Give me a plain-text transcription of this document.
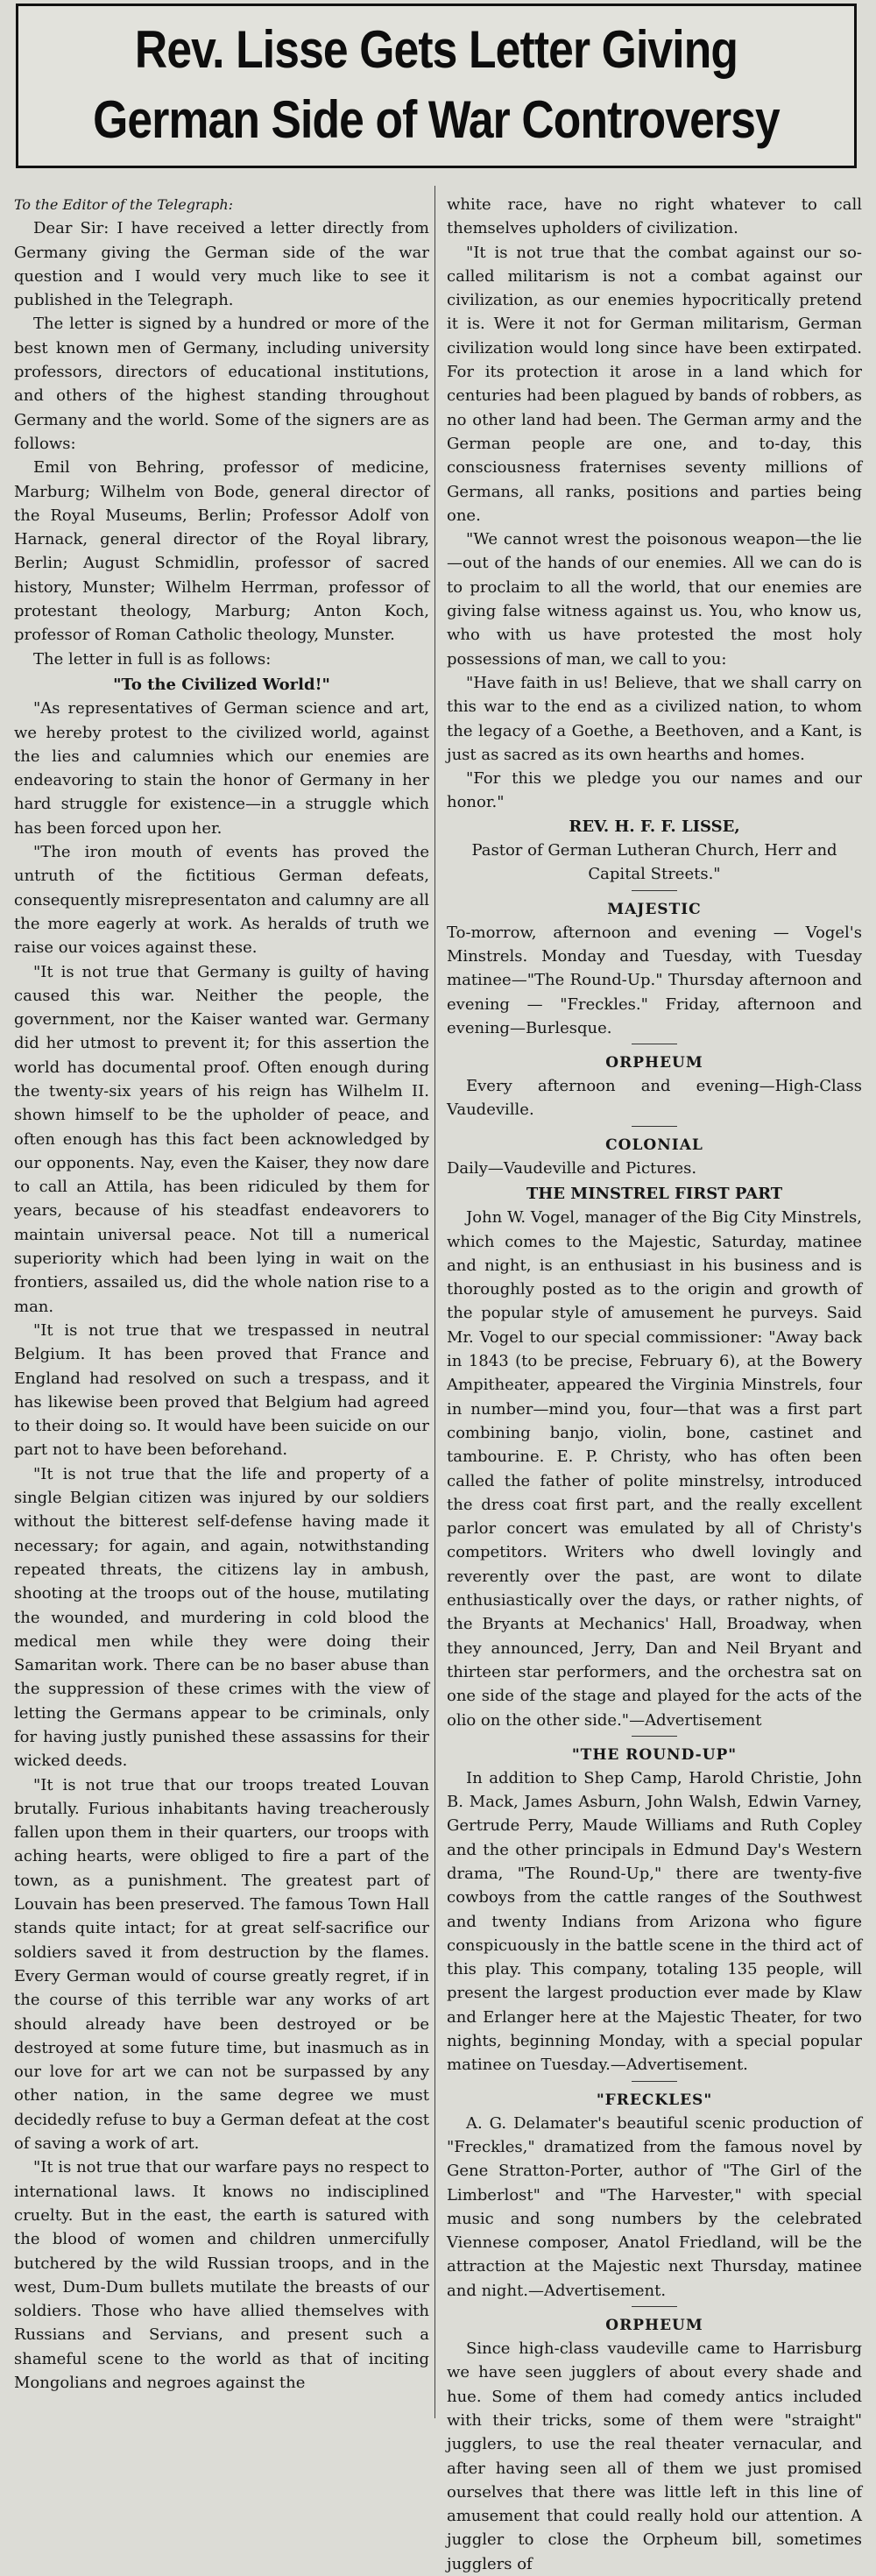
Rev. Lisse Gets Letter Giving
German Side of War Controversy

To the Editor of the Telegraph:

Dear Sir: I have received a letter directly from Germany giving the German side of the war question and I would very much like to see it published in the Telegraph.

The letter is signed by a hundred or more of the best known men of Germany, including university professors, directors of educational institutions, and others of the highest standing throughout Germany and the world. Some of the signers are as follows:

Emil von Behring, professor of medicine, Marburg; Wilhelm von Bode, general director of the Royal Museums, Berlin; Professor Adolf von Harnack, general director of the Royal library, Berlin; August Schmidlin, professor of sacred history, Munster; Wilhelm Herrman, professor of protestant theology, Marburg; Anton Koch, professor of Roman Catholic theology, Munster.

The letter in full is as follows:

"To the Civilized World!"

"As representatives of German science and art, we hereby protest to the civilized world, against the lies and calumnies which our enemies are endeavoring to stain the honor of Germany in her hard struggle for existence—in a struggle which has been forced upon her.

"The iron mouth of events has proved the untruth of the fictitious German defeats, consequently misrepresentaton and calumny are all the more eagerly at work. As heralds of truth we raise our voices against these.

"It is not true that Germany is guilty of having caused this war. Neither the people, the government, nor the Kaiser wanted war. Germany did her utmost to prevent it; for this assertion the world has documental proof. Often enough during the twenty-six years of his reign has Wilhelm II. shown himself to be the upholder of peace, and often enough has this fact been acknowledged by our opponents. Nay, even the Kaiser, they now dare to call an Attila, has been ridiculed by them for years, because of his steadfast endeavorers to maintain universal peace. Not till a numerical superiority which had been lying in wait on the frontiers, assailed us, did the whole nation rise to a man.

"It is not true that we trespassed in neutral Belgium. It has been proved that France and England had resolved on such a trespass, and it has likewise been proved that Belgium had agreed to their doing so. It would have been suicide on our part not to have been beforehand.

"It is not true that the life and property of a single Belgian citizen was injured by our soldiers without the bitterest self-defense having made it necessary; for again, and again, notwithstanding repeated threats, the citizens lay in ambush, shooting at the troops out of the house, mutilating the wounded, and murdering in cold blood the medical men while they were doing their Samaritan work. There can be no baser abuse than the suppression of these crimes with the view of letting the Germans appear to be criminals, only for having justly punished these assassins for their wicked deeds.

"It is not true that our troops treated Louvan brutally. Furious inhabitants having treacherously fallen upon them in their quarters, our troops with aching hearts, were obliged to fire a part of the town, as a punishment. The greatest part of Louvain has been preserved. The famous Town Hall stands quite intact; for at great self-sacrifice our soldiers saved it from destruction by the flames. Every German would of course greatly regret, if in the course of this terrible war any works of art should already have been destroyed or be destroyed at some future time, but inasmuch as in our love for art we can not be surpassed by any other nation, in the same degree we must decidedly refuse to buy a German defeat at the cost of saving a work of art.

"It is not true that our warfare pays no respect to international laws. It knows no indisciplined cruelty. But in the east, the earth is satured with the blood of women and children unmercifully butchered by the wild Russian troops, and in the west, Dum-Dum bullets mutilate the breasts of our soldiers. Those who have allied themselves with Russians and Servians, and present such a shameful scene to the world as that of inciting Mongolians and negroes against the

white race, have no right whatever to call themselves upholders of civilization.

"It is not true that the combat against our so-called militarism is not a combat against our civilization, as our enemies hypocritically pretend it is. Were it not for German militarism, German civilization would long since have been extirpated. For its protection it arose in a land which for centuries had been plagued by bands of robbers, as no other land had been. The German army and the German people are one, and to-day, this consciousness fraternises seventy millions of Germans, all ranks, positions and parties being one.

"We cannot wrest the poisonous weapon—the lie—out of the hands of our enemies. All we can do is to proclaim to all the world, that our enemies are giving false witness against us. You, who know us, who with us have protested the most holy possessions of man, we call to you:

"Have faith in us! Believe, that we shall carry on this war to the end as a civilized nation, to whom the legacy of a Goethe, a Beethoven, and a Kant, is just as sacred as its own hearths and homes.

"For this we pledge you our names and our honor."

REV. H. F. F. LISSE,

Pastor of German Lutheran Church, Herr and Capital Streets."

MAJESTIC

To-morrow, afternoon and evening — Vogel's Minstrels. Monday and Tuesday, with Tuesday matinee—"The Round-Up." Thursday afternoon and evening — "Freckles." Friday, afternoon and evening—Burlesque.

ORPHEUM

Every afternoon and evening—High-Class Vaudeville.

COLONIAL

Daily—Vaudeville and Pictures.

THE MINSTREL FIRST PART

John W. Vogel, manager of the Big City Minstrels, which comes to the Majestic, Saturday, matinee and night, is an enthusiast in his business and is thoroughly posted as to the origin and growth of the popular style of amusement he purveys. Said Mr. Vogel to our special commissioner: "Away back in 1843 (to be precise, February 6), at the Bowery Ampitheater, appeared the Virginia Minstrels, four in number—mind you, four—that was a first part combining banjo, violin, bone, castinet and tambourine. E. P. Christy, who has often been called the father of polite minstrelsy, introduced the dress coat first part, and the really excellent parlor concert was emulated by all of Christy's competitors. Writers who dwell lovingly and reverently over the past, are wont to dilate enthusiastically over the days, or rather nights, of the Bryants at Mechanics' Hall, Broadway, when they announced, Jerry, Dan and Neil Bryant and thirteen star performers, and the orchestra sat on one side of the stage and played for the acts of the olio on the other side."—Advertisement

"THE ROUND-UP"

In addition to Shep Camp, Harold Christie, John B. Mack, James Asburn, John Walsh, Edwin Varney, Gertrude Perry, Maude Williams and Ruth Copley and the other principals in Edmund Day's Western drama, "The Round-Up," there are twenty-five cowboys from the cattle ranges of the Southwest and twenty Indians from Arizona who figure conspicuously in the battle scene in the third act of this play. This company, totaling 135 people, will present the largest production ever made by Klaw and Erlanger here at the Majestic Theater, for two nights, beginning Monday, with a special popular matinee on Tuesday.—Advertisement.

"FRECKLES"

A. G. Delamater's beautiful scenic production of "Freckles," dramatized from the famous novel by Gene Stratton-Porter, author of "The Girl of the Limberlost" and "The Harvester," with special music and song numbers by the celebrated Viennese composer, Anatol Friedland, will be the attraction at the Majestic next Thursday, matinee and night.—Advertisement.

ORPHEUM

Since high-class vaudeville came to Harrisburg we have seen jugglers of about every shade and hue. Some of them had comedy antics included with their tricks, some of them were "straight" jugglers, to use the real theater vernacular, and after having seen all of them we just promised ourselves that there was little left in this line of amusement that could really hold our attention. A juggler to close the Orpheum bill, sometimes jugglers of
